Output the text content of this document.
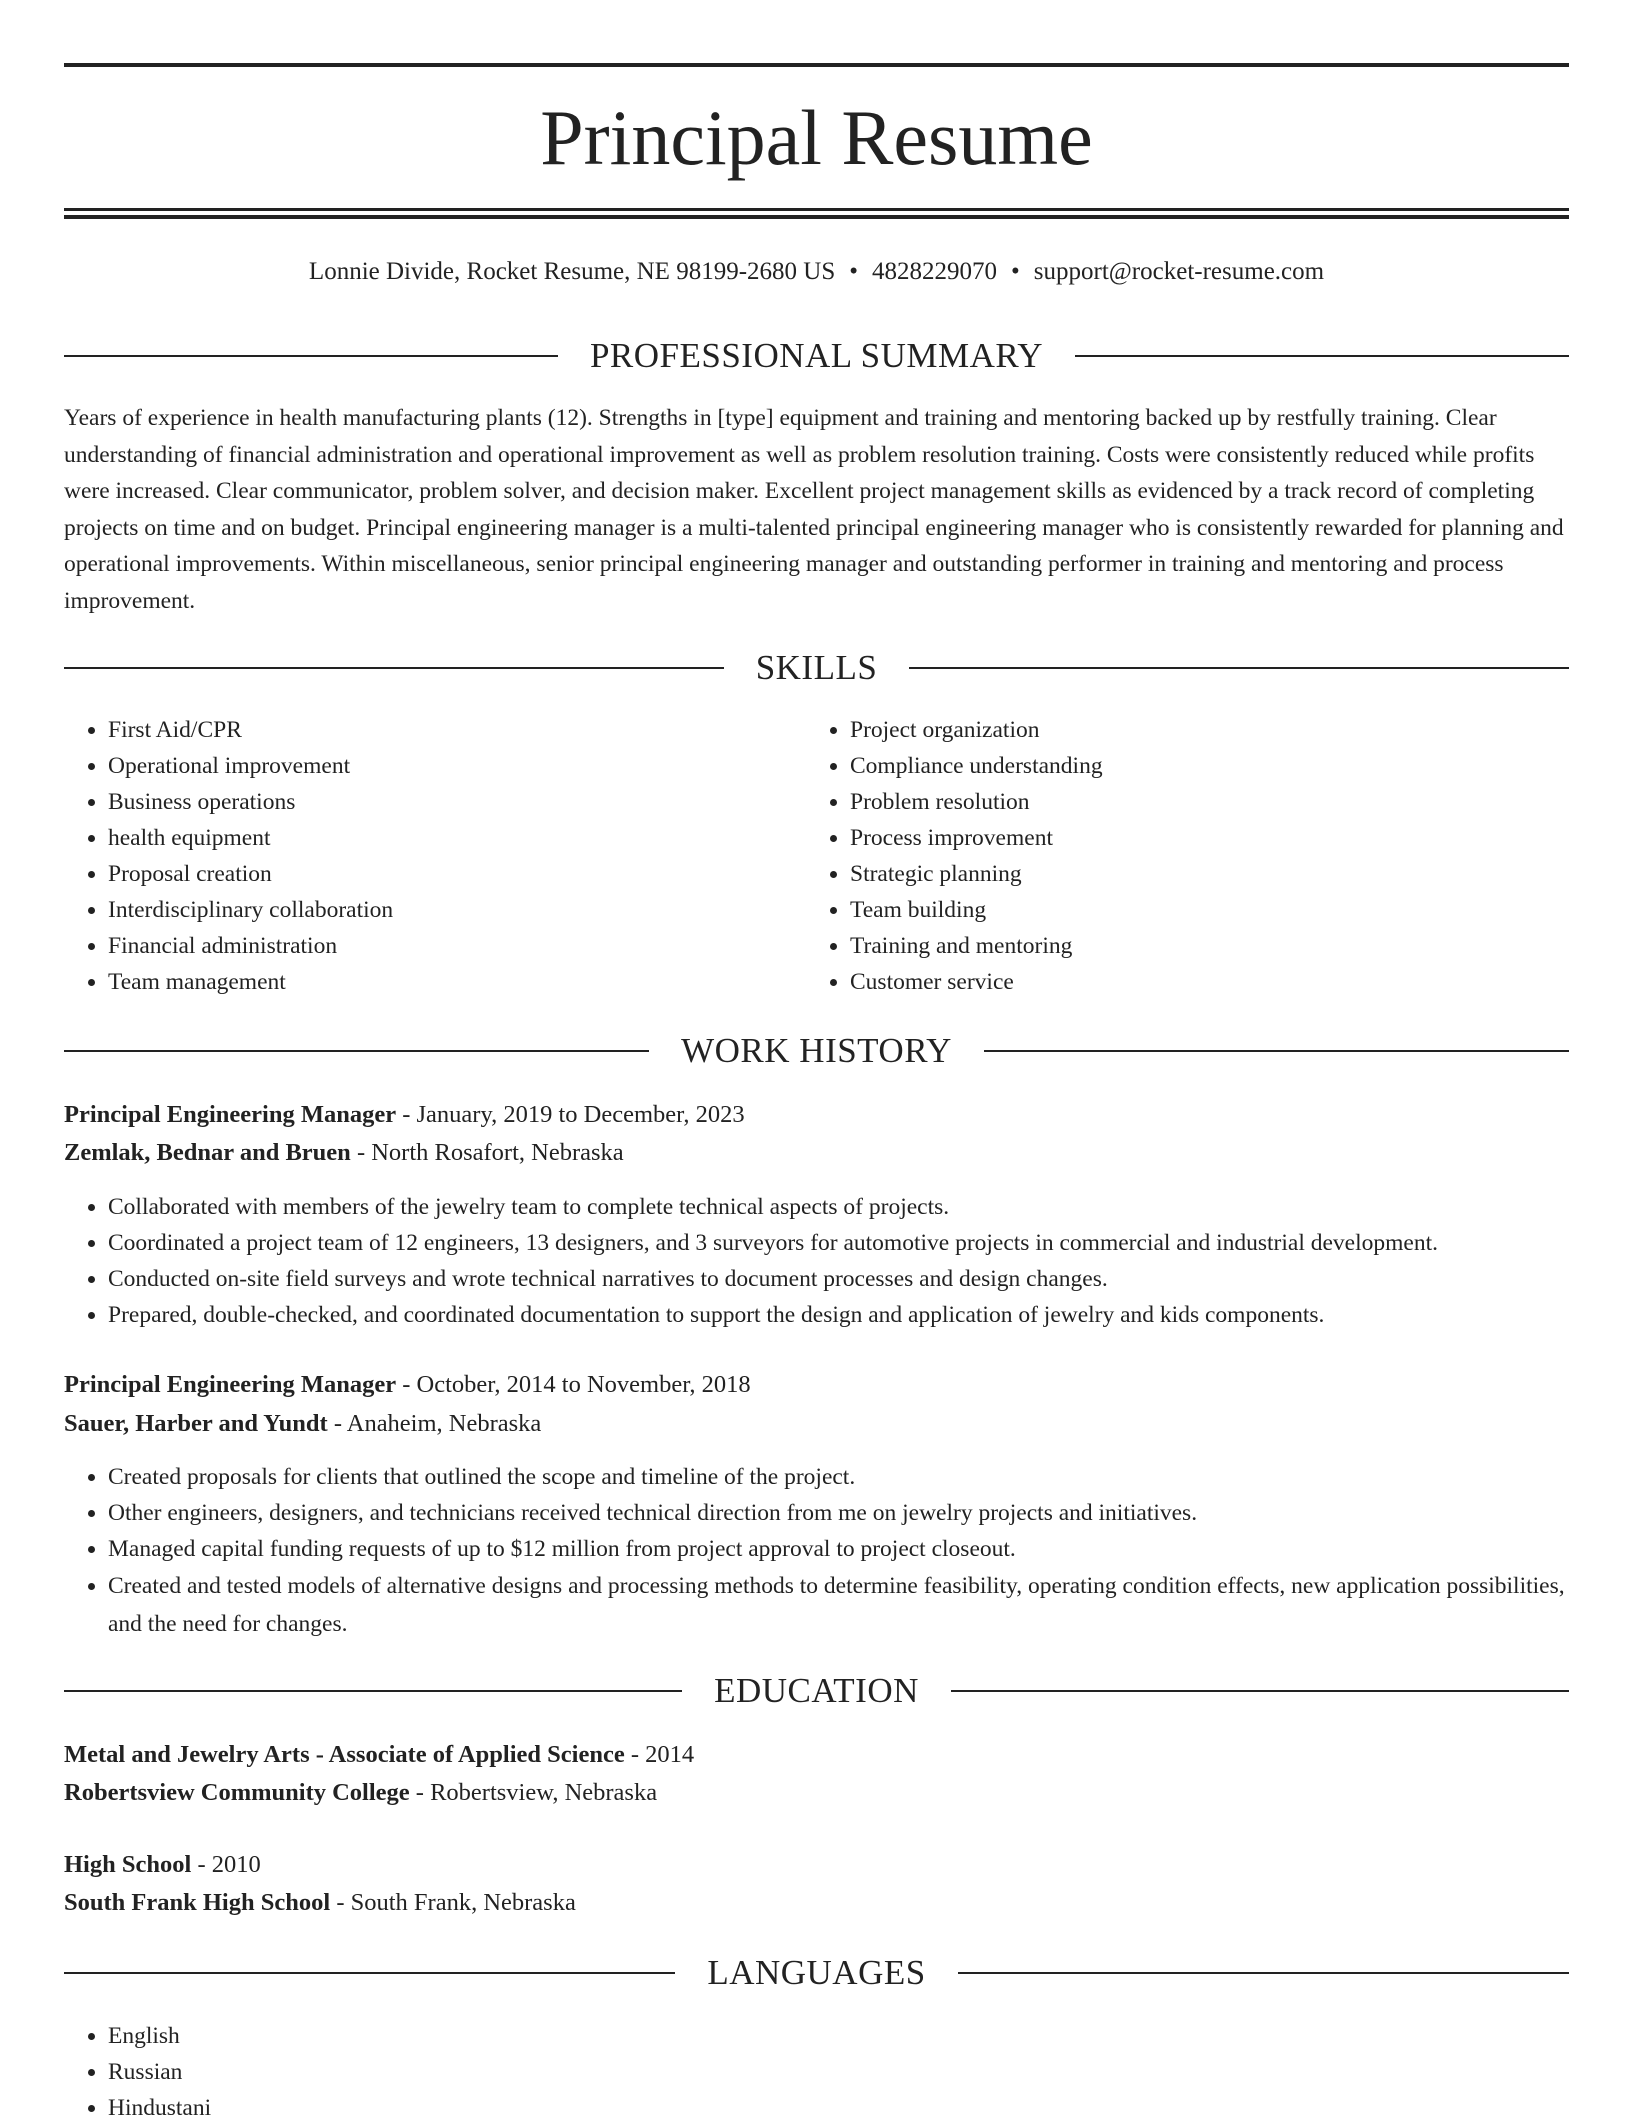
Principal Resume
Lonnie Divide, Rocket Resume, NE 98199-2680 US • 4828229070 • support@rocket-resume.com
PROFESSIONAL SUMMARY

Years of experience in health manufacturing plants (12). Strengths in [type] equipment and training and mentoring backed up by restfully training. Clear understanding of financial administration and operational improvement as well as problem resolution training. Costs were consistently reduced while profits were increased. Clear communicator, problem solver, and decision maker. Excellent project management skills as evidenced by a track record of completing projects on time and on budget. Principal engineering manager is a multi-talented principal engineering manager who is consistently rewarded for planning and operational improvements. Within miscellaneous, senior principal engineering manager and outstanding performer in training and mentoring and process improvement.

SKILLS
• First Aid/CPR
• Operational improvement
• Business operations
• health equipment
• Proposal creation
• Interdisciplinary collaboration
• Financial administration
• Team management
• Project organization
• Compliance understanding
• Problem resolution
• Process improvement
• Strategic planning
• Team building
• Training and mentoring
• Customer service
WORK HISTORY
Principal Engineering Manager - January, 2019 to December, 2023
Zemlak, Bednar and Bruen - North Rosafort, Nebraska
• Collaborated with members of the jewelry team to complete technical aspects of projects.
• Coordinated a project team of 12 engineers, 13 designers, and 3 surveyors for automotive projects in commercial and industrial development.
• Conducted on-site field surveys and wrote technical narratives to document processes and design changes.
• Prepared, double-checked, and coordinated documentation to support the design and application of jewelry and kids components.
Principal Engineering Manager - October, 2014 to November, 2018
Sauer, Harber and Yundt - Anaheim, Nebraska
• Created proposals for clients that outlined the scope and timeline of the project.
• Other engineers, designers, and technicians received technical direction from me on jewelry projects and initiatives.
• Managed capital funding requests of up to $12 million from project approval to project closeout.
• Created and tested models of alternative designs and processing methods to determine feasibility, operating condition effects, new application possibilities, and the need for changes.
EDUCATION
Metal and Jewelry Arts - Associate of Applied Science - 2014
Robertsview Community College - Robertsview, Nebraska
High School - 2010
South Frank High School - South Frank, Nebraska
LANGUAGES
• English
• Russian
• Hindustani
